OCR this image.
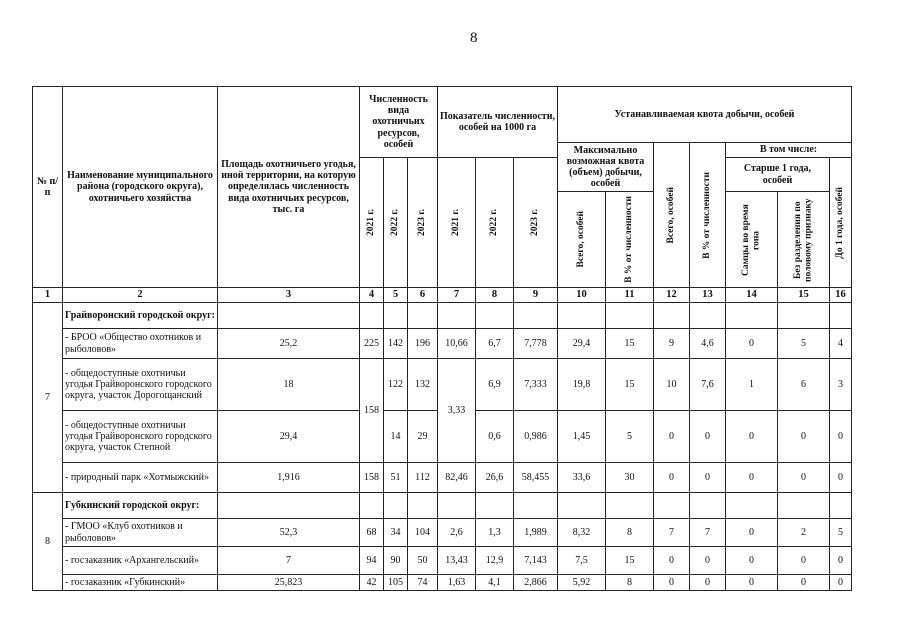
8
№ п/п	Наименование муниципального района (городского округа), охотничьего хозяйства	Площадь охотничьего угодья, иной территории, на которую определялась численность вида охотничьих ресурсов, тыс. га	Численность вида охотничьих ресурсов, особей			Показатель численности, особей на 1000 га			Устанавливаемая квота добычи, особей						
									Максимально возможная квота (объем) добычи, особей		Всего, особей	В % от численности	В том числе:		

			2021 г.	2022 г.	2023 г.	2021 г.	2022 г.	2023 г.					Старше 1 года, особей		До 1 года, особей

									Всего, особей	В % от численности			Самцы во время гона	Без разделения по половому признаку	

1	2	3	4	5	6	7	8	9	10	11	12	13	14	15	16
7	Грайворонский городской округ:														
	- БРОО «Общество охотников и рыболовов»	25,2	225	142	196	10,66	6,7	7,778	29,4	15	9	4,6	0	5	4
	- общедоступные охотничьи угодья Грайворонского городского округа, участок Дорогощанский	18	158	122	132	3,33	6,9	7,333	19,8	15	10	7,6	1	6	3
	- общедоступные охотничьи угодья Грайворонского городского округа, участок Степной	29,4		14	29		0,6	0,986	1,45	5	0	0	0	0	0
	- природный парк «Хотмыжский»	1,916	158	51	112	82,46	26,6	58,455	33,6	30	0	0	0	0	0
8	Губкинский городской округ:														
	- ГМОО «Клуб охотников и рыболовов»	52,3	68	34	104	2,6	1,3	1,989	8,32	8	7	7	0	2	5
	- госзаказник «Архангельский»	7	94	90	50	13,43	12,9	7,143	7,5	15	0	0	0	0	0
	- госзаказник «Губкинский»	25,823	42	105	74	1,63	4,1	2,866	5,92	8	0	0	0	0	0
